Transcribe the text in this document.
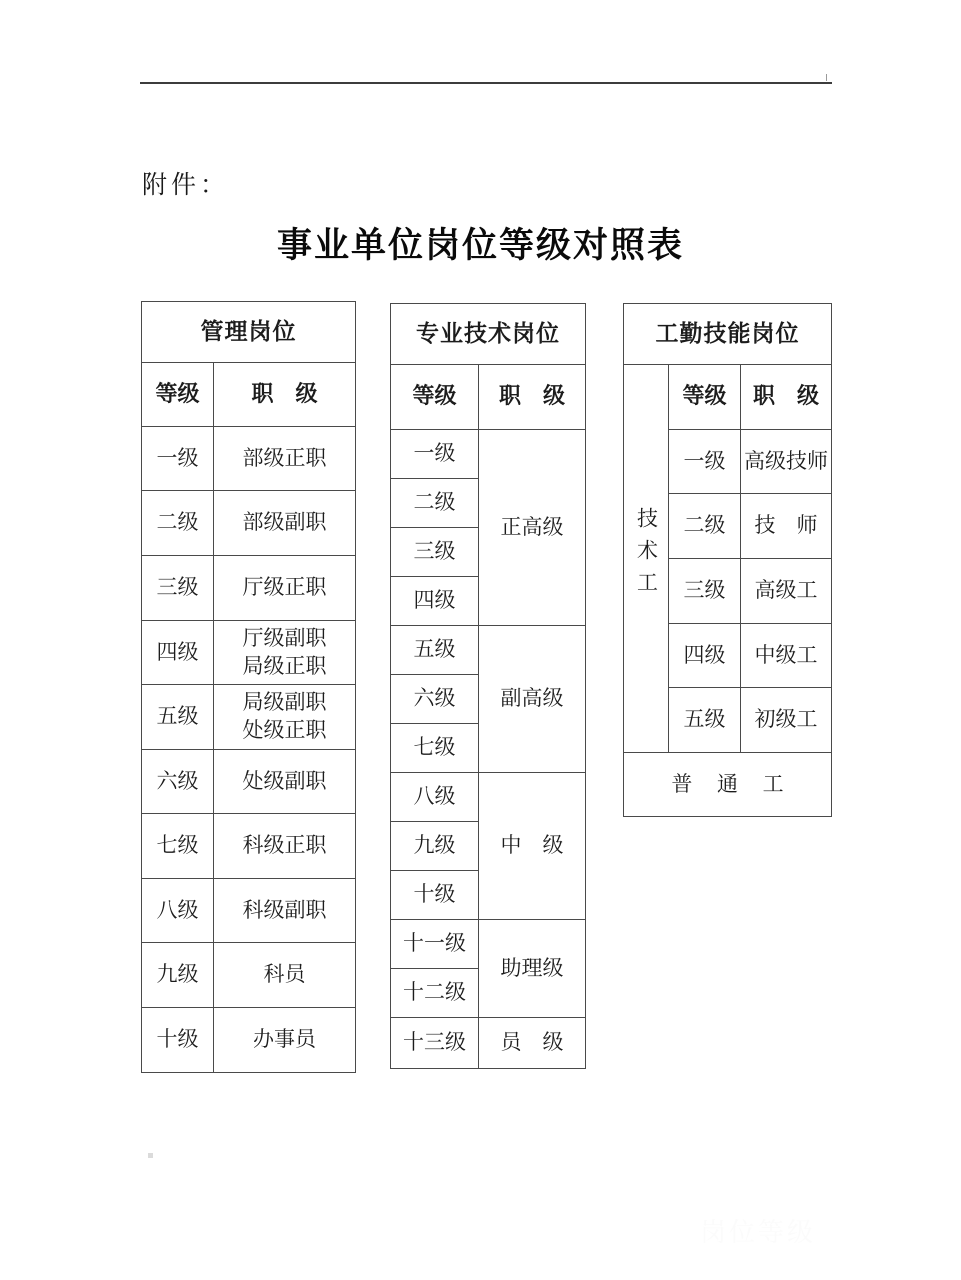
附件：
事业单位岗位等级对照表
管理岗位	
等级	职　级
一级	部级正职
二级	部级副职
三级	厅级正职
四级	厅级副职
局级正职

五级	局级副职
处级正职

六级	处级副职
七级	科级正职
八级	科级副职
九级	科员
十级	办事员
专业技术岗位	
等级	职　级
一级	正高级
二级	
三级	
四级	
五级	副高级
六级	
七级	
八级	中　级
九级	
十级	
十一级	助理级
十二级	
十三级	员　级
工勤技能岗位		
技术工	等级	职　级
	一级	高级技师
	二级	技　师
	三级	高级工
	四级	中级工
	五级	初级工
普 通 工		
岗位等级
